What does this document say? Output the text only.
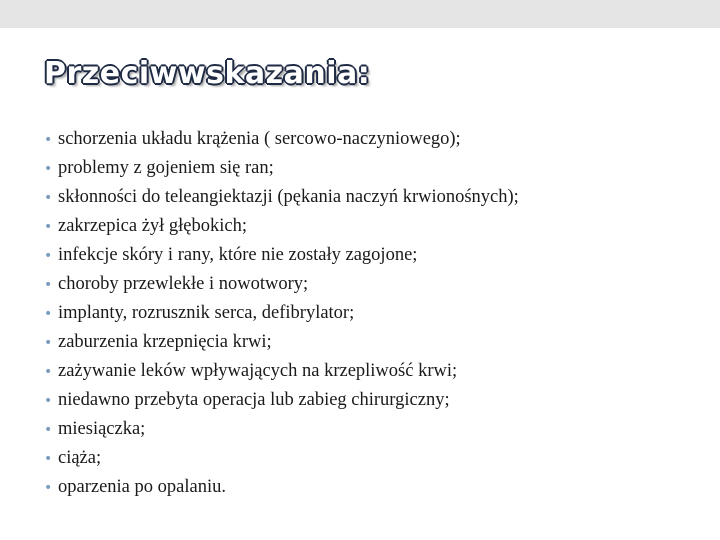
Przeciwwskazania:
• schorzenia układu krążenia ( sercowo-naczyniowego);
• problemy z gojeniem się ran;
• skłonności do teleangiektazji (pękania naczyń krwionośnych);
• zakrzepica żył głębokich;
• infekcje skóry i rany, które nie zostały zagojone;
• choroby przewlekłe i nowotwory;
• implanty, rozrusznik serca, defibrylator;
• zaburzenia krzepnięcia krwi;
• zażywanie leków wpływających na krzepliwość krwi;
• niedawno przebyta operacja lub zabieg chirurgiczny;
• miesiączka;
• ciąża;
• oparzenia po opalaniu.
